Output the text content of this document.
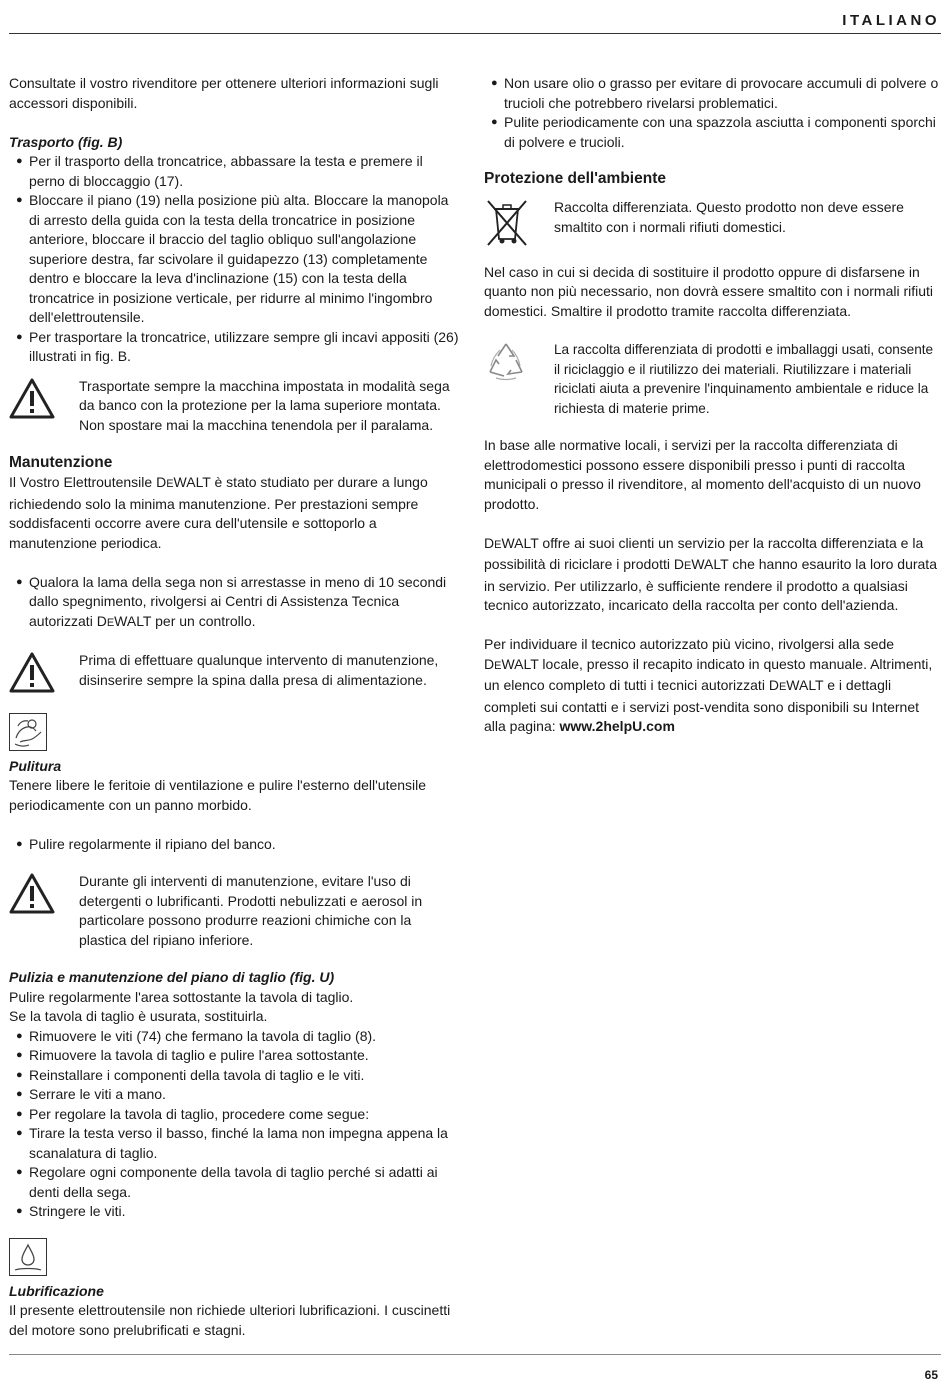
ITALIANO

Consultate il vostro rivenditore per ottenere ulteriori informazioni sugli accessori disponibili.

Trasporto (fig. B)

● Per il trasporto della troncatrice, abbassare la testa e premere il perno di bloccaggio (17).
● Bloccare il piano (19) nella posizione più alta. Bloccare la manopola di arresto della guida con la testa della troncatrice in posizione anteriore, bloccare il braccio del taglio obliquo sull'angolazione superiore destra, far scivolare il guidapezzo (13) completamente dentro e bloccare la leva d'inclinazione (15) con la testa della troncatrice in posizione verticale, per ridurre al minimo l'ingombro dell'elettroutensile.
● Per trasportare la troncatrice, utilizzare sempre gli incavi appositi (26) illustrati in fig. B.

Trasportate sempre la macchina impostata in modalità sega da banco con la protezione per la lama superiore montata. Non spostare mai la macchina tenendola per il paralama.

Manutenzione

Il Vostro Elettroutensile DEWALT è stato studiato per durare a lungo richiedendo solo la minima manutenzione. Per prestazioni sempre soddisfacenti occorre avere cura dell'utensile e sottoporlo a manutenzione periodica.

● Qualora la lama della sega non si arrestasse in meno di 10 secondi dallo spegnimento, rivolgersi ai Centri di Assistenza Tecnica autorizzati DEWALT per un controllo.

Prima di effettuare qualunque intervento di manutenzione, disinserire sempre la spina dalla presa di alimentazione.

Pulitura

Tenere libere le feritoie di ventilazione e pulire l'esterno dell'utensile periodicamente con un panno morbido.

● Pulire regolarmente il ripiano del banco.

Durante gli interventi di manutenzione, evitare l'uso di detergenti o lubrificanti. Prodotti nebulizzati e aerosol in particolare possono produrre reazioni chimiche con la plastica del ripiano inferiore.

Pulizia e manutenzione del piano di taglio (fig. U)

Pulire regolarmente l'area sottostante la tavola di taglio.

Se la tavola di taglio è usurata, sostituirla.

● Rimuovere le viti (74) che fermano la tavola di taglio (8).
● Rimuovere la tavola di taglio e pulire l'area sottostante.
● Reinstallare i componenti della tavola di taglio e le viti.
● Serrare le viti a mano.
● Per regolare la tavola di taglio, procedere come segue:
● Tirare la testa verso il basso, finché la lama non impegna appena la scanalatura di taglio.
● Regolare ogni componente della tavola di taglio perché si adatti ai denti della sega.
● Stringere le viti.

Lubrificazione

Il presente elettroutensile non richiede ulteriori lubrificazioni. I cuscinetti del motore sono prelubrificati e stagni.

● Non usare olio o grasso per evitare di provocare accumuli di polvere o trucioli che potrebbero rivelarsi problematici.
● Pulite periodicamente con una spazzola asciutta i componenti sporchi di polvere e trucioli.
Protezione dell'ambiente

Raccolta differenziata. Questo prodotto non deve essere smaltito con i normali rifiuti domestici.

Nel caso in cui si decida di sostituire il prodotto oppure di disfarsene in quanto non più necessario, non dovrà essere smaltito con i normali rifiuti domestici. Smaltire il prodotto tramite raccolta differenziata.

La raccolta differenziata di prodotti e imballaggi usati, consente il riciclaggio e il riutilizzo dei materiali. Riutilizzare i materiali riciclati aiuta a prevenire l'inquinamento ambientale e riduce la richiesta di materie prime.

In base alle normative locali, i servizi per la raccolta differenziata di elettrodomestici possono essere disponibili presso i punti di raccolta municipali o presso il rivenditore, al momento dell'acquisto di un nuovo prodotto.

DEWALT offre ai suoi clienti un servizio per la raccolta differenziata e la possibilità di riciclare i prodotti DEWALT che hanno esaurito la loro durata in servizio. Per utilizzarlo, è sufficiente rendere il prodotto a qualsiasi tecnico autorizzato, incaricato della raccolta per conto dell'azienda.

Per individuare il tecnico autorizzato più vicino, rivolgersi alla sede DEWALT locale, presso il recapito indicato in questo manuale. Altrimenti, un elenco completo di tutti i tecnici autorizzati DEWALT e i dettagli completi sui contatti e i servizi post-vendita sono disponibili su Internet alla pagina: www.2helpU.com

65
